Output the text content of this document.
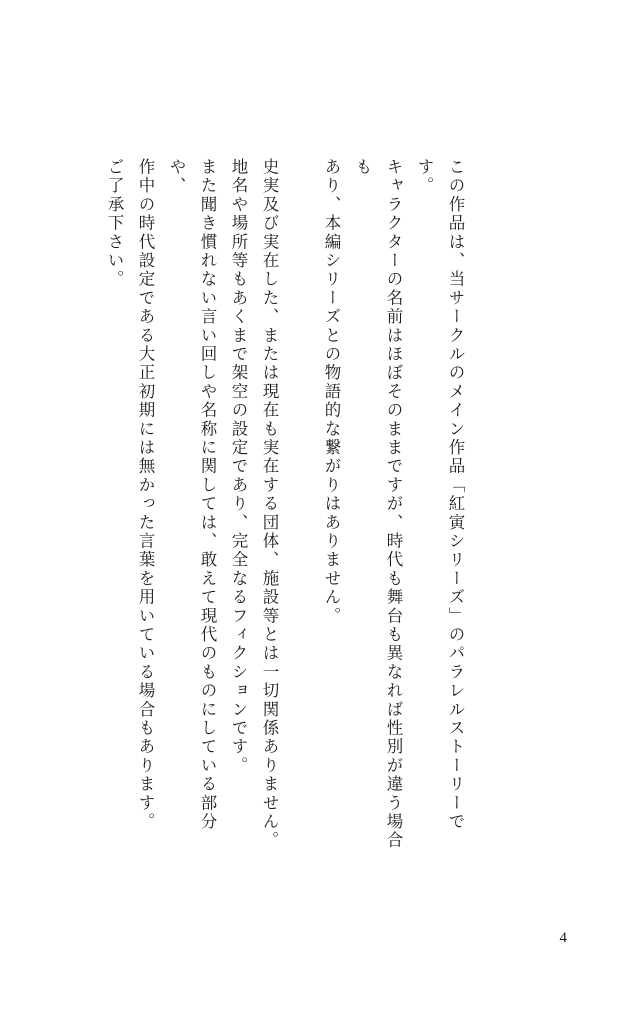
この作品は、当サークルのメイン作品「紅寅シリーズ」のパラレルストーリーです。
キャラクターの名前はほぼそのままですが、時代も舞台も異なれば性別が違う場合も
あり、本編シリーズとの物語的な繋がりはありません。

史実及び実在した、または現在も実在する団体、施設等とは一切関係ありません。
地名や場所等もあくまで架空の設定であり、完全なるフィクションです。
また聞き慣れない言い回しや名称に関しては、敢えて現代のものにしている部分や、
作中の時代設定である大正初期には無かった言葉を用いている場合もあります。
ご了承下さい。

4
